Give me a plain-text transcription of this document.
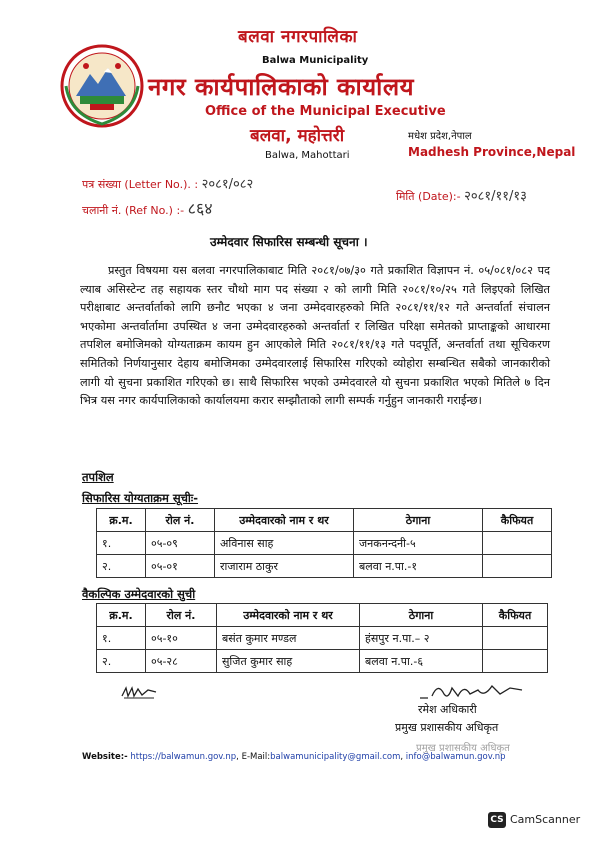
बलवा नगरपालिका
Balwa Municipality
नगर कार्यपालिकाको कार्यालय
Office of the Municipal Executive
बलवा, महोत्तरी
Balwa, Mahottari
मधेश प्रदेश,नेपाल
Madhesh Province,Nepal
पत्र संख्या (Letter No.). : २०८१/०८२
चलानी नं. (Ref No.) :- ८६४
मिति (Date):- २०८१/११/१३
उम्मेदवार सिफारिस सम्बन्धी सूचना ।
प्रस्तुत विषयमा यस बलवा नगरपालिकाबाट मिति २०८१/०७/३० गते प्रकाशित विज्ञापन नं. ०५/०८१/०८२ पद ल्याब असिस्टेन्ट तह सहायक स्तर चौथो माग पद संख्या २ को लागी मिति २०८१/१०/२५ गते लिइएको लिखित परीक्षाबाट अन्तर्वार्ताको लागि छनौट भएका ४ जना उम्मेदवारहरुको मिति २०८१/११/१२ गते अन्तर्वार्ता संचालन भएकोमा अन्तर्वार्तामा उपस्थित ४ जना उम्मेदवारहरुको अन्तर्वार्ता र लिखित परिक्षा समेतको प्राप्ताङ्कको आधारमा तपशिल बमोजिमको योग्यताक्रम कायम हुन आएकोले मिति २०८१/११/१३ गते पदपूर्ति, अन्तर्वार्ता तथा सूचिकरण समितिको निर्णयानुसार देहाय बमोजिमका उम्मेदवारलाई सिफारिस गरिएको व्योहोरा सम्बन्धित सबैको जानकारीको लागी यो सुचना प्रकाशित गरिएको छ। साथै सिफारिस भएको उम्मेदवारले यो सुचना प्रकाशित भएको मितिले ७ दिन भित्र यस नगर कार्यपालिकाको कार्यालयमा करार सम्झौताको लागी सम्पर्क गर्नुहुन जानकारी गराईन्छ।
तपशिल
सिफारिस योग्यताक्रम सूचीः-
क्र.म.	रोल नं.	उम्मेदवारको नाम र थर	ठेगाना	कैफियत
१.	०५-०९	अविनास साह	जनकनन्दनी-५	
२.	०५-०१	राजाराम ठाकुर	बलवा न.पा.-१	
वैकल्पिक उम्मेदवारको सुची
क्र.म.	रोल नं.	उम्मेदवारको नाम र थर	ठेगाना	कैफियत
१.	०५-१०	बसंत कुमार मण्डल	हंसपुर न.पा.– २	
२.	०५-२८	सुजित कुमार साह	बलवा न.पा.-६	
रमेश अधिकारी
प्रमुख प्रशासकीय अधिकृत
प्रमुख प्रशासकीय अधिकृत
Website:- https://balwamun.gov.np, E-Mail:balwamunicipality@gmail.com, info@balwamun.gov.np
CS CamScanner
